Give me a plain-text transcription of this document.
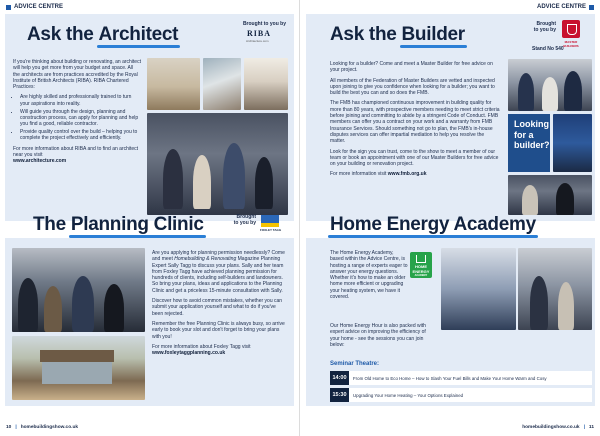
ADVICE CENTRE
Ask the Architect	Brought to you by
RIBA
Architecture.com

If you're thinking about building or renovating, an architect will help you get more from your budget and space. All the architects are from practices accredited by the Royal Institute of British Architects (RIBA). RIBA Chartered Practices:

• Are highly skilled and professionally trained to turn your aspirations into reality.
• Will guide you through the design, planning and construction process, can apply for planning and help you find a good, reliable contractor.
• Provide quality control over the build – helping you to complete the project effectively and efficiently.

For more information about RIBA and to find an architect near you visit

www.architecture.com

The Planning Clinic	Brought
to you by
FOXLEY TAGG

Are you applying for planning permission needlessly? Come and meet Homebuilding & Renovating Magazine Planning Expert Sally Tagg to discuss your plans. Sally and her team from Foxley Tagg have achieved planning permission for hundreds of clients, including self-builders and landowners. So bring your plans, ideas and applications to the Planning Clinic and get a priceless 15-minute consultation with Sally.

Discover how to avoid common mistakes, whether you can submit your application yourself and what to do if you've been rejected.

Remember the free Planning Clinic is always busy, so arrive early to book your slot and don't forget to bring your plans with you!

For more information about Foxley Tagg visit

www.foxleytaggplanning.co.uk

10 | homebuildingshow.co.uk
ADVICE CENTRE
Ask the Builder	Brought
to you by
MASTER BUILDERS
Stand No 540

Looking for a builder? Come and meet a Master Builder for free advice on your project.

All members of the Federation of Master Builders are vetted and inspected upon joining to give you confidence when looking for a builder; you want to build the best you can and so does the FMB.

The FMB has championed continuous improvement in building quality for more than 80 years, with prospective members needing to meet strict criteria before joining and committing to abide by a stringent Code of Conduct. FMB members can offer you a contract on your work and a warranty from FMB Insurance Services. Should something not go to plan, the FMB's in-house disputes services can offer impartial mediation to help you resolve the matter.

Look for the sign you can trust, come to the show to meet a member of our team or book an appointment with one of our Master Builders for free advice on your building or renovation project.

For more information visit www.fmb.org.uk

Looking for a builder?
Home Energy Academy

The Home Energy Academy, based within the Advice Centre, is hosting a range of experts eager to answer your energy questions. Whether it's how to make an older home more efficient or upgrading your heating system, we have it covered.

HOME
ENERGY
ACADEMY

Our Home Energy Hour is also packed with expert advice on improving the efficiency of your home - see the sessions you can join below:

Seminar Theatre:
14:00	From Old Home to Eco Home – How to Slash Your Fuel Bills and Make Your Home Warm and Cosy
15:30	Upgrading Your Home Heating – Your Options Explained
homebuildingshow.co.uk | 11
